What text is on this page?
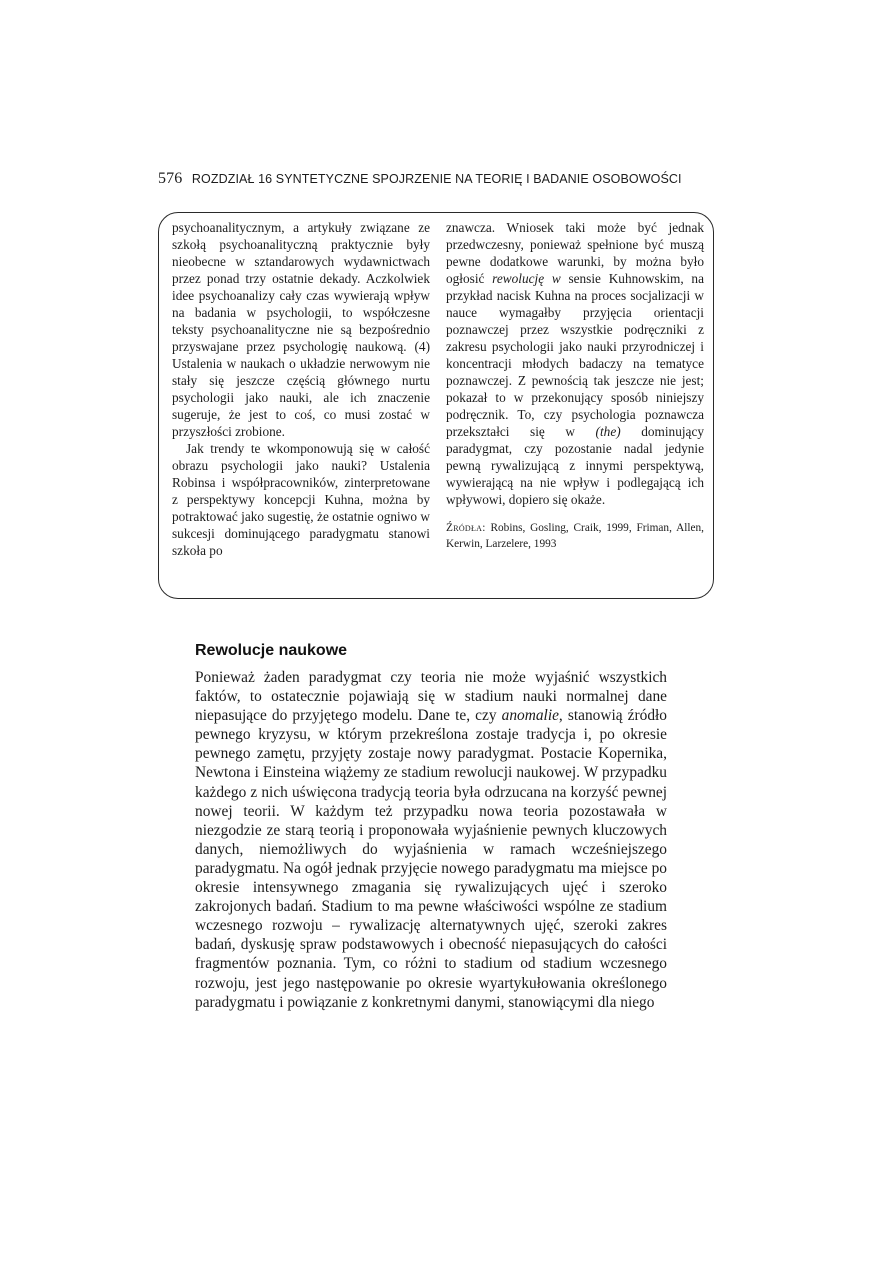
576 ROZDZIAŁ 16 SYNTETYCZNE SPOJRZENIE NA TEORIĘ I BADANIE OSOBOWOŚCI

psychoanalitycznym, a artykuły związane ze szkołą psychoanalityczną praktycznie były nieobecne w sztandarowych wydawnictwach przez ponad trzy ostatnie dekady. Aczkolwiek idee psychoanalizy cały czas wywierają wpływ na badania w psychologii, to współczesne teksty psychoanalityczne nie są bezpośrednio przyswajane przez psychologię naukową. (4) Ustalenia w naukach o układzie nerwowym nie stały się jeszcze częścią głównego nurtu psychologii jako nauki, ale ich znaczenie sugeruje, że jest to coś, co musi zostać w przyszłości zrobione.

Jak trendy te wkomponowują się w całość obrazu psychologii jako nauki? Ustalenia Robinsa i współpracowników, zinterpretowane z perspektywy koncepcji Kuhna, można by potraktować jako sugestię, że ostatnie ogniwo w sukcesji dominującego paradygmatu stanowi szkoła po

znawcza. Wniosek taki może być jednak przedwczesny, ponieważ spełnione być muszą pewne dodatkowe warunki, by można było ogłosić rewolucję w sensie Kuhnowskim, na przykład nacisk Kuhna na proces socjalizacji w nauce wymagałby przyjęcia orientacji poznawczej przez wszystkie podręczniki z zakresu psychologii jako nauki przyrodniczej i koncentracji młodych badaczy na tematyce poznawczej. Z pewnością tak jeszcze nie jest; pokazał to w przekonujący sposób niniejszy podręcznik. To, czy psychologia poznawcza przekształci się w (the) dominujący paradygmat, czy pozostanie nadal jedynie pewną rywalizującą z innymi perspektywą, wywierającą na nie wpływ i podlegającą ich wpływowi, dopiero się okaże.

Źródła: Robins, Gosling, Craik, 1999, Friman, Allen, Kerwin, Larzelere, 1993

Rewolucje naukowe

Ponieważ żaden paradygmat czy teoria nie może wyjaśnić wszystkich faktów, to ostatecznie pojawiają się w stadium nauki normalnej dane niepasujące do przyjętego modelu. Dane te, czy anomalie, stanowią źródło pewnego kryzysu, w którym przekreślona zostaje tradycja i, po okresie pewnego zamętu, przyjęty zostaje nowy paradygmat. Postacie Kopernika, Newtona i Einsteina wiążemy ze stadium rewolucji naukowej. W przypadku każdego z nich uświęcona tradycją teoria była odrzucana na korzyść pewnej nowej teorii. W każdym też przypadku nowa teoria pozostawała w niezgodzie ze starą teorią i proponowała wyjaśnienie pewnych kluczowych danych, niemożliwych do wyjaśnienia w ramach wcześniejszego paradygmatu. Na ogół jednak przyjęcie nowego paradygmatu ma miejsce po okresie intensywnego zmagania się rywalizujących ujęć i szeroko zakrojonych badań. Stadium to ma pewne właściwości wspólne ze stadium wczesnego rozwoju – rywalizację alternatywnych ujęć, szeroki zakres badań, dyskusję spraw podstawowych i obecność niepasujących do całości fragmentów poznania. Tym, co różni to stadium od stadium wczesnego rozwoju, jest jego następowanie po okresie wyartykułowania określonego paradygmatu i powiązanie z konkretnymi danymi, stanowiącymi dla niego
